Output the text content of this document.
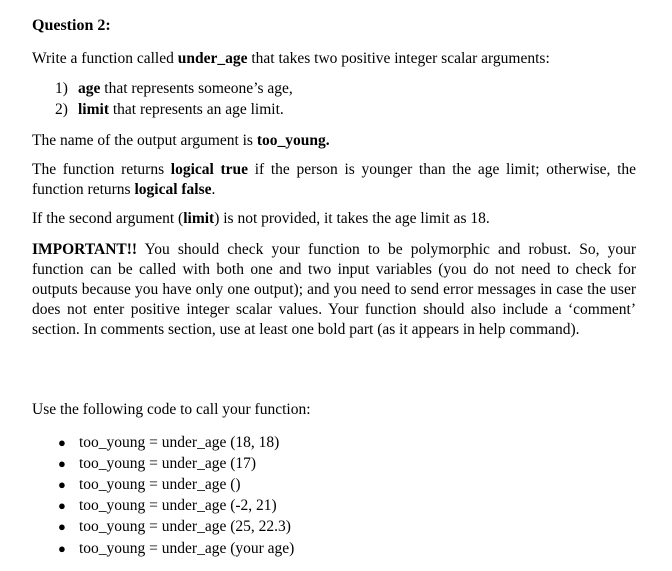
Question 2:
Write a function called under_age that takes two positive integer scalar arguments:
1) age that represents someone’s age,
2) limit that represents an age limit.
The name of the output argument is too_young.
The function returns logical true if the person is younger than the age limit; otherwise, the function returns logical false.
If the second argument (limit) is not provided, it takes the age limit as 18.
IMPORTANT!! You should check your function to be polymorphic and robust. So, your function can be called with both one and two input variables (you do not need to check for outputs because you have only one output); and you need to send error messages in case the user does not enter positive integer scalar values. Your function should also include a ‘comment’ section. In comments section, use at least one bold part (as it appears in help command).
Use the following code to call your function:
● too_young = under_age (18, 18)
● too_young = under_age (17)
● too_young = under_age ()
● too_young = under_age (-2, 21)
● too_young = under_age (25, 22.3)
● too_young = under_age (your age)
